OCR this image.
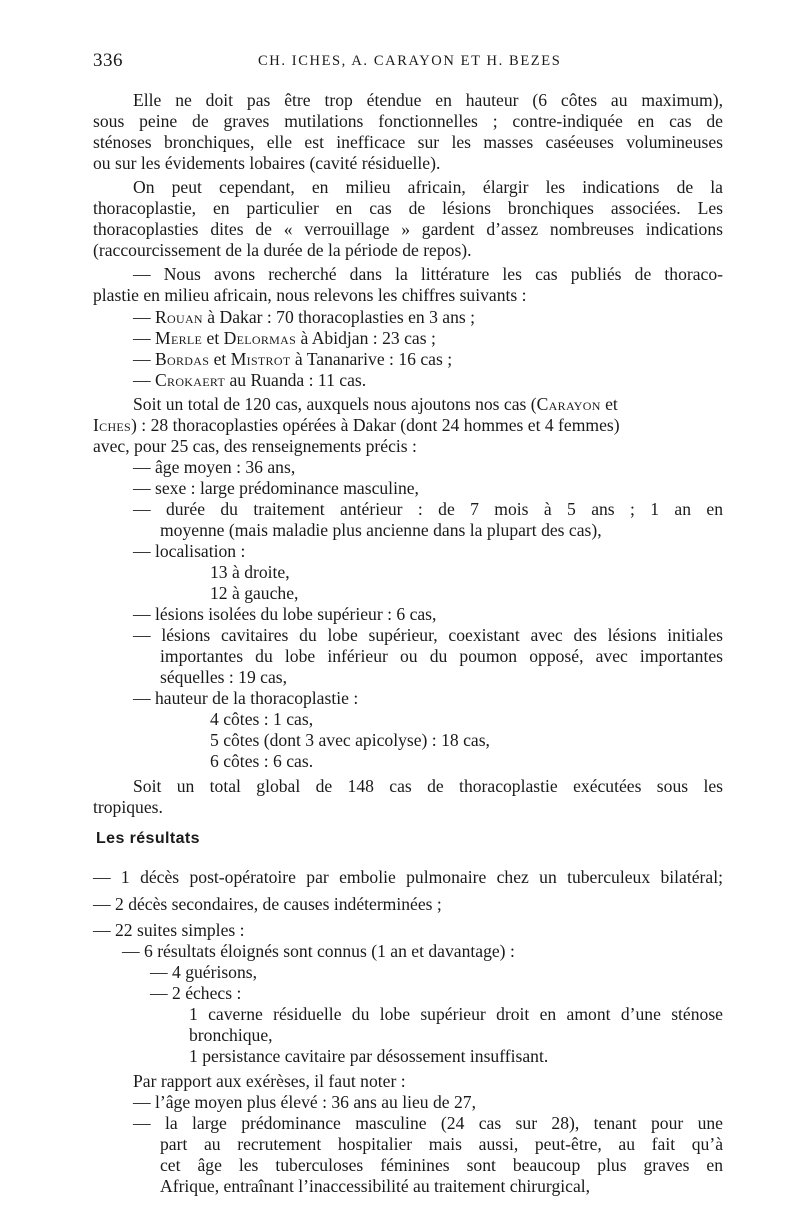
336	CH. ICHES, A. CARAYON ET H. BEZES
Elle ne doit pas être trop étendue en hauteur (6 côtes au maximum),
sous peine de graves mutilations fonctionnelles ; contre-indiquée en cas de
sténoses bronchiques, elle est inefficace sur les masses caséeuses volumineuses
ou sur les évidements lobaires (cavité résiduelle).
On peut cependant, en milieu africain, élargir les indications de la
thoracoplastie, en particulier en cas de lésions bronchiques associées. Les
thoracoplasties dites de « verrouillage » gardent d’assez nombreuses indications
(raccourcissement de la durée de la période de repos).
— Nous avons recherché dans la littérature les cas publiés de thoraco-
plastie en milieu africain, nous relevons les chiffres suivants :
— Rouan à Dakar : 70 thoracoplasties en 3 ans ;
— Merle et Delormas à Abidjan : 23 cas ;
— Bordas et Mistrot à Tananarive : 16 cas ;
— Crokaert au Ruanda : 11 cas.
Soit un total de 120 cas, auxquels nous ajoutons nos cas (Carayon et
Iches) : 28 thoracoplasties opérées à Dakar (dont 24 hommes et 4 femmes)
avec, pour 25 cas, des renseignements précis :
— âge moyen : 36 ans,
— sexe : large prédominance masculine,
— durée du traitement antérieur : de 7 mois à 5 ans ; 1 an en
moyenne (mais maladie plus ancienne dans la plupart des cas),
— localisation :
13 à droite,
12 à gauche,
— lésions isolées du lobe supérieur : 6 cas,
— lésions cavitaires du lobe supérieur, coexistant avec des lésions initiales
importantes du lobe inférieur ou du poumon opposé, avec importantes
séquelles : 19 cas,
— hauteur de la thoracoplastie :
4 côtes : 1 cas,
5 côtes (dont 3 avec apicolyse) : 18 cas,
6 côtes : 6 cas.
Soit un total global de 148 cas de thoracoplastie exécutées sous les
tropiques.
Les résultats
— 1 décès post-opératoire par embolie pulmonaire chez un tuberculeux bilatéral;
— 2 décès secondaires, de causes indéterminées ;
— 22 suites simples :
— 6 résultats éloignés sont connus (1 an et davantage) :
— 4 guérisons,
— 2 échecs :
1 caverne résiduelle du lobe supérieur droit en amont d’une sténose
bronchique,
1 persistance cavitaire par désossement insuffisant.
Par rapport aux exérèses, il faut noter :
— l’âge moyen plus élevé : 36 ans au lieu de 27,
— la large prédominance masculine (24 cas sur 28), tenant pour une
part au recrutement hospitalier mais aussi, peut-être, au fait qu’à
cet âge les tuberculoses féminines sont beaucoup plus graves en
Afrique, entraînant l’inaccessibilité au traitement chirurgical,
